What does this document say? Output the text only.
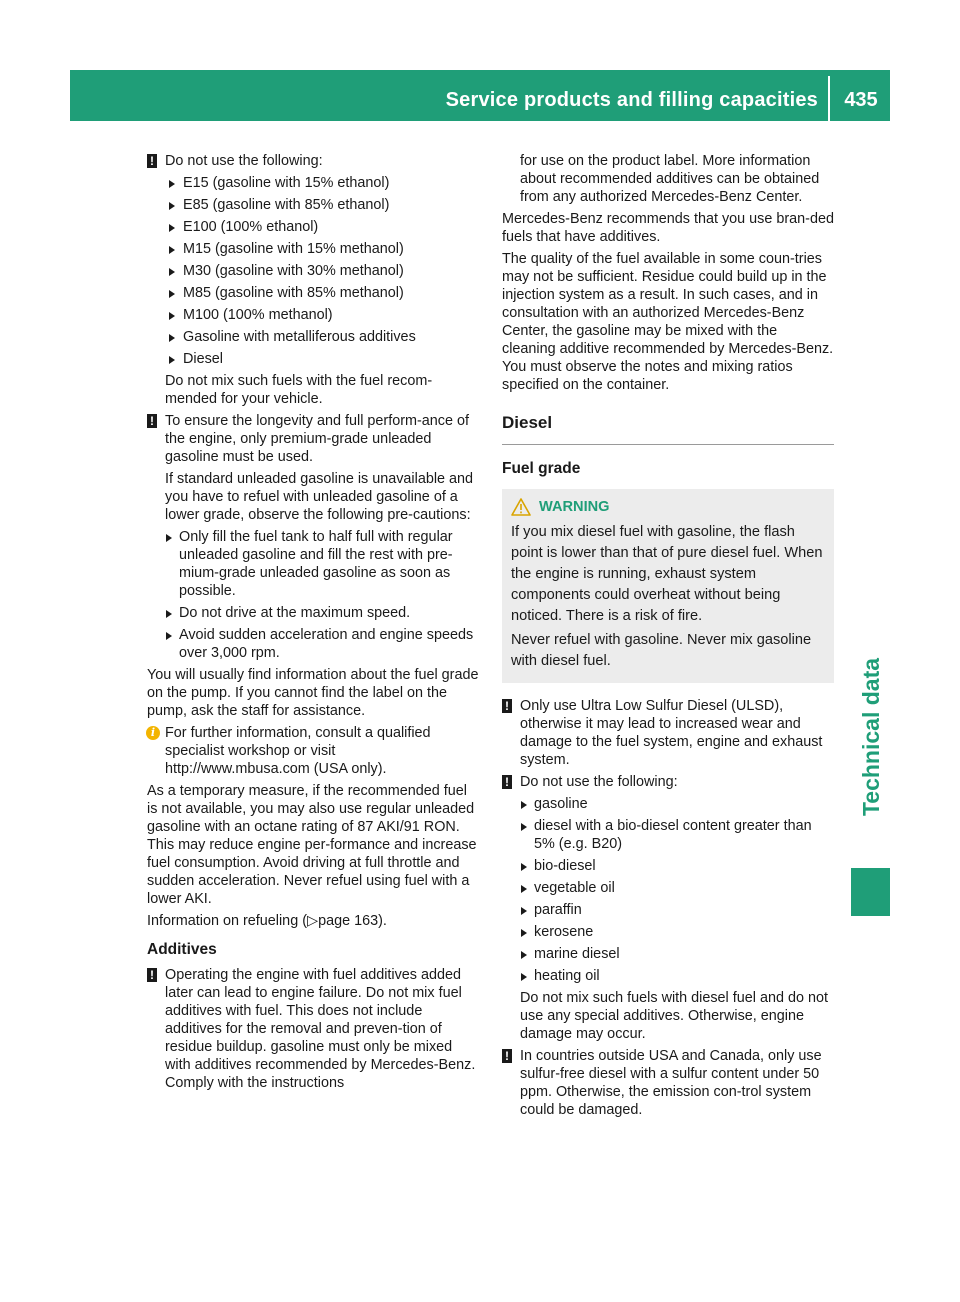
Service products and filling capacities	435
Technical data
! Do not use the following:

E15 (gasoline with 15% ethanol)
E85 (gasoline with 85% ethanol)
E100 (100% ethanol)
M15 (gasoline with 15% methanol)
M30 (gasoline with 30% methanol)
M85 (gasoline with 85% methanol)
M100 (100% methanol)
Gasoline with metalliferous additives
Diesel

Do not mix such fuels with the fuel recom-mended for your vehicle.

! To ensure the longevity and full perform-ance of the engine, only premium-grade unleaded gasoline must be used.

If standard unleaded gasoline is unavailable and you have to refuel with unleaded gasoline of a lower grade, observe the following pre-cautions:

Only fill the fuel tank to half full with regular unleaded gasoline and fill the rest with pre-mium-grade unleaded gasoline as soon as possible.
Do not drive at the maximum speed.
Avoid sudden acceleration and engine speeds over 3,000 rpm.

You will usually find information about the fuel grade on the pump. If you cannot find the label on the pump, ask the staff for assistance.

i For further information, consult a qualified specialist workshop or visit http://www.mbusa.com (USA only).

As a temporary measure, if the recommended fuel is not available, you may also use regular unleaded gasoline with an octane rating of 87 AKI/91 RON. This may reduce engine per-formance and increase fuel consumption. Avoid driving at full throttle and sudden acceleration. Never refuel using fuel with a lower AKI.

Information on refueling (▷page 163).

Additives
! Operating the engine with fuel additives added later can lead to engine failure. Do not mix fuel additives with fuel. This does not include additives for the removal and preven-tion of residue buildup. gasoline must only be mixed with additives recommended by Mercedes-Benz. Comply with the instructions

for use on the product label. More information about recommended additives can be obtained from any authorized Mercedes-Benz Center.

Mercedes-Benz recommends that you use bran-ded fuels that have additives.

The quality of the fuel available in some coun-tries may not be sufficient. Residue could build up in the injection system as a result. In such cases, and in consultation with an authorized Mercedes-Benz Center, the gasoline may be mixed with the cleaning additive recommended by Mercedes-Benz. You must observe the notes and mixing ratios specified on the container.

Diesel
Fuel grade
WARNING

If you mix diesel fuel with gasoline, the flash point is lower than that of pure diesel fuel. When the engine is running, exhaust system components could overheat without being noticed. There is a risk of fire.

Never refuel with gasoline. Never mix gasoline with diesel fuel.

! Only use Ultra Low Sulfur Diesel (ULSD), otherwise it may lead to increased wear and damage to the fuel system, engine and exhaust system.

! Do not use the following:

gasoline
diesel with a bio-diesel content greater than 5% (e.g. B20)
bio-diesel
vegetable oil
paraffin
kerosene
marine diesel
heating oil

Do not mix such fuels with diesel fuel and do not use any special additives. Otherwise, engine damage may occur.

! In countries outside USA and Canada, only use sulfur-free diesel with a sulfur content under 50 ppm. Otherwise, the emission con-trol system could be damaged.
